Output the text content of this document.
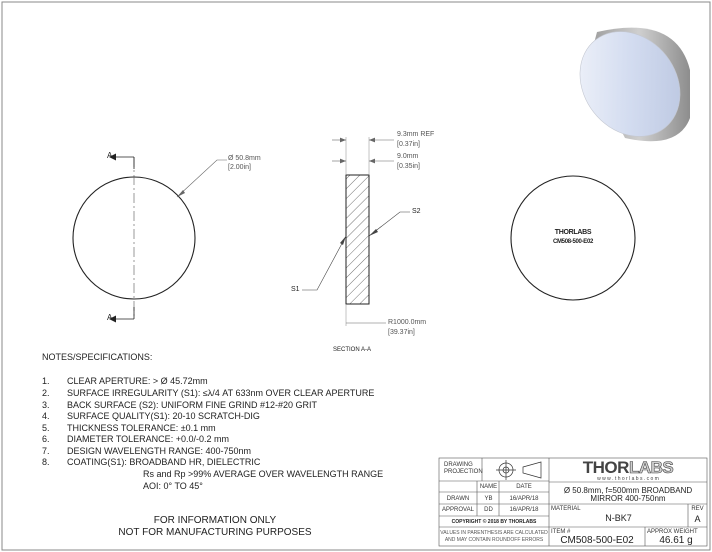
A
A
Ø 50.8mm
[2.00in]
9.3mm REF
[0.37in]
9.0mm
[0.35in]
S2
S1
R1000.0mm
[39.37in]
SECTION A-A
THORLABS
CM508-500-E02
NOTES/SPECIFICATIONS:
1. CLEAR APERTURE: > Ø 45.72mm
2. SURFACE IRREGULARITY (S1): ≤λ/4 AT 633nm OVER CLEAR APERTURE
3. BACK SURFACE (S2): UNIFORM FINE GRIND #12-#20 GRIT
4. SURFACE QUALITY(S1): 20-10 SCRATCH-DIG
5. THICKNESS TOLERANCE: ±0.1 mm
6. DIAMETER TOLERANCE: +0.0/-0.2 mm
7. DESIGN WAVELENGTH RANGE: 400-750nm
8. COATING(S1): BROADBAND HR, DIELECTRIC
Rs and Rp >99% AVERAGE OVER WAVELENGTH RANGE
AOI: 0° TO 45°
FOR INFORMATION ONLY
NOT FOR MANUFACTURING PURPOSES
DRAWING
PROJECTION
NAME	DATE
DRAWN	YB	16/APR/18
APPROVAL	DD	16/APR/18
COPYRIGHT © 2018 BY THORLABS
VALUES IN PARENTHESIS ARE CALCULATED
AND MAY CONTAIN ROUNDOFF ERRORS
THORLABS
w w w . t h o r l a b s . c o m
Ø 50.8mm, f=500mm BROADBAND
MIRROR 400-750nm
MATERIAL
N-BK7
REV
A
ITEM #
CM508-500-E02
APPROX WEIGHT
46.61 g
